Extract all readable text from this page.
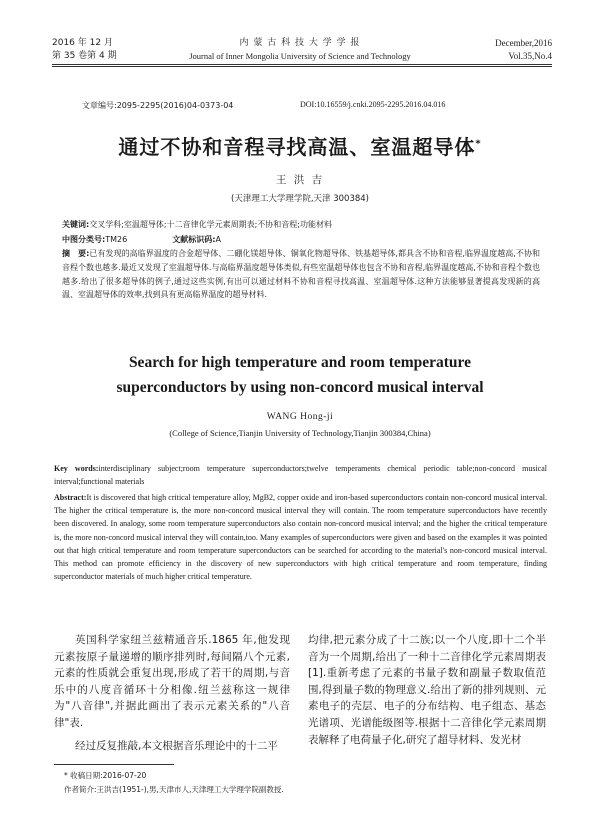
2016 年 12 月
第 35 卷第 4 期
内 蒙 古 科 技 大 学 学 报
Journal of Inner Mongolia University of Science and Technology
December,2016
Vol.35,No.4
文章编号:2095-2295(2016)04-0373-04	DOI:10.16559/j.cnki.2095-2295.2016.04.016
通过不协和音程寻找高温、室温超导体*
王 洪 吉
(天津理工大学理学院,天津 300384)
关键词:交叉学科;室温超导体;十二音律化学元素周期表;不协和音程;功能材料
中图分类号:TM26	文献标识码:A
摘　要:已有发现的高临界温度的合金超导体、二硼化镁超导体、铜氧化物超导体、铁基超导体,都具含不协和音程,临界温度越高,不协和音程个数也越多.最近又发现了室温超导体.与高临界温度超导体类似,有些室温超导体也包含不协和音程,临界温度越高,不协和音程个数也越多.给出了很多超导体的例子,通过这些实例,有出可以通过材料不协和音程寻找高温、室温超导体.这种方法能够显著提高发现新的高温、室温超导体的效率,找到具有更高临界温度的超导材料.
Search for high temperature and room temperature
superconductors by using non-concord musical interval
WANG Hong-ji
(College of Science,Tianjin University of Technology,Tianjin 300384,China)
Key words:interdisciplinary subject;room temperature superconductors;twelve temperaments chemical periodic table;non-concord musical interval;functional materials
Abstract:It is discovered that high critical temperature alloy, MgB2, copper oxide and iron-based superconductors contain non-concord musical interval. The higher the critical temperature is, the more non-concord musical interval they will contain. The room temperature superconductors have recently been discovered. In analogy, some room temperature superconductors also contain non-concord musical interval; and the higher the critical temperature is, the more non-concord musical interval they will contain,too. Many examples of superconductors were given and based on the examples it was pointed out that high critical temperature and room temperature superconductors can be searched for according to the material's non-concord musical interval. This method can promote efficiency in the discovery of new superconductors with high critical temperature and room temperature, finding superconductor materials of much higher critical temperature.
英国科学家纽兰兹精通音乐.1865 年,他发现元素按原子量递增的顺序排列时,每间隔八个元素,元素的性质就会重复出现,形成了若干的周期,与音乐中的八度音循环十分相像.纽兰兹称这一规律为"八音律",并据此画出了表示元素关系的"八音律"表.
经过反复推敲,本文根据音乐理论中的十二平
均律,把元素分成了十二族;以一个八度,即十二个半音为一个周期,给出了一种十二音律化学元素周期表[1].重新考虑了元素的书量子数和副量子数取值范围,得到量子数的物理意义.给出了新的排列规则、元素电子的壳层、电子的分布结构、电子组态、基态光谱项、光谱能级图等.根据十二音律化学元素周期表解释了电荷量子化,研究了超导材料、发光材
* 收稿日期:2016-07-20
作者简介:王洪吉(1951-),男,天津市人,天津理工大学理学院副教授.
